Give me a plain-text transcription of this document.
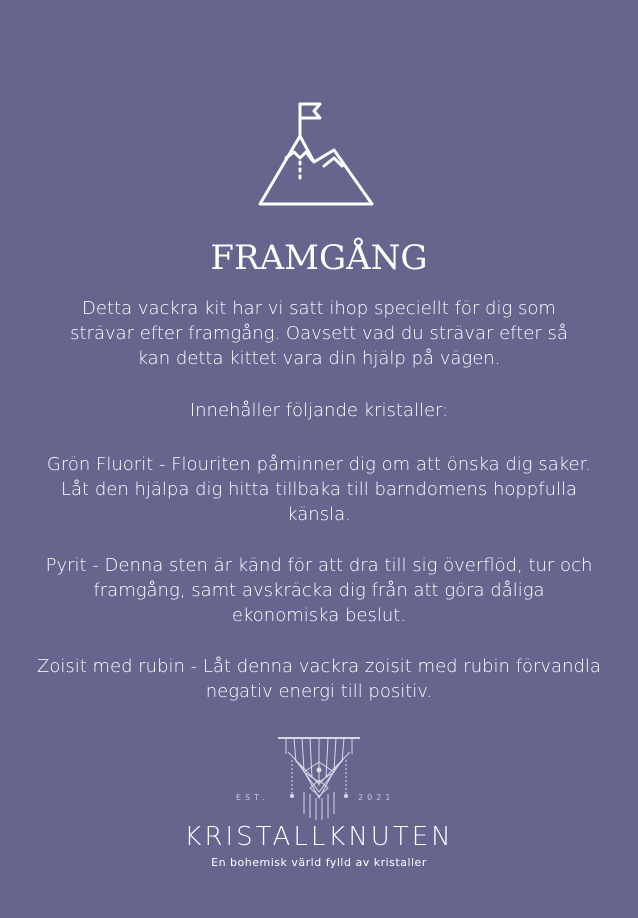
FRAMGÅNG
Detta vackra kit har vi satt ihop speciellt för dig som
strävar efter framgång. Oavsett vad du strävar efter så
kan detta kittet vara din hjälp på vägen.
Innehåller följande kristaller:
Grön Fluorit - Flouriten påminner dig om att önska dig saker.
Låt den hjälpa dig hitta tillbaka till barndomens hoppfulla
känsla.
Pyrit - Denna sten är känd för att dra till sig överflöd, tur och
framgång, samt avskräcka dig från att göra dåliga
ekonomiska beslut.
Zoisit med rubin - Låt denna vackra zoisit med rubin förvandla
negativ energi till positiv.
EST.	2021
KRISTALLKNUTEN
En bohemisk värld fylld av kristaller
